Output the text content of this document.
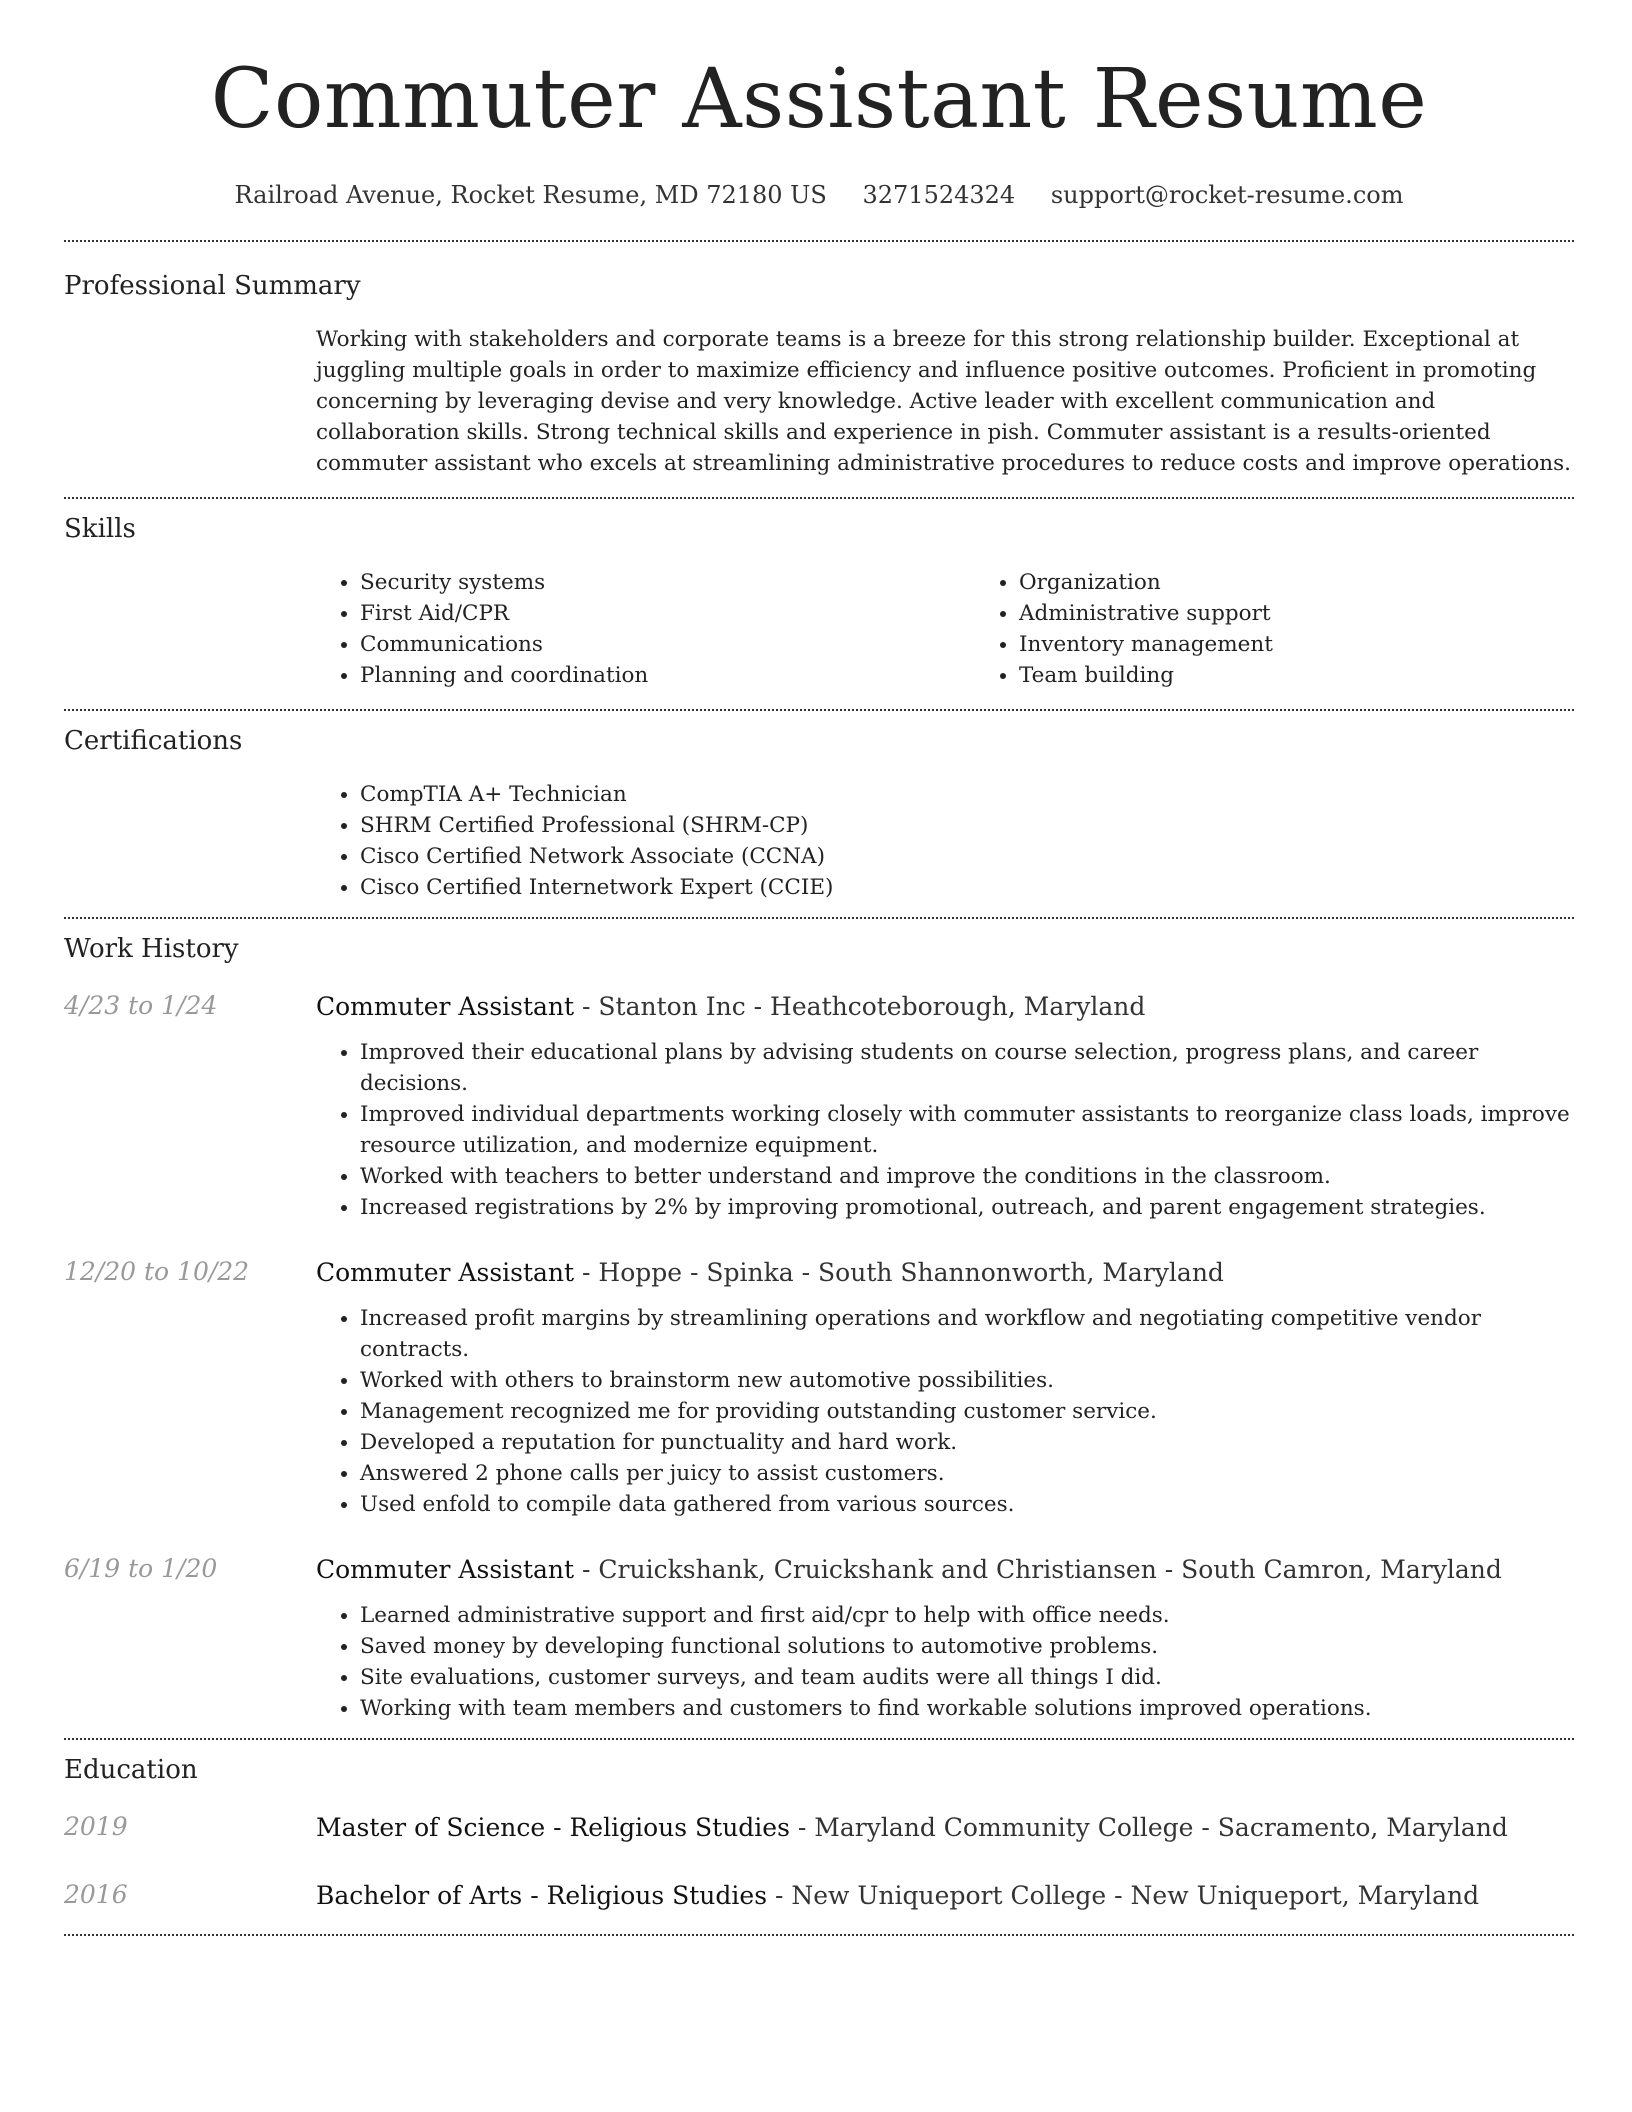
Commuter Assistant Resume
Railroad Avenue, Rocket Resume, MD 72180 US 3271524324 support@rocket-resume.com
Professional Summary
Working with stakeholders and corporate teams is a breeze for this strong relationship builder. Exceptional at juggling multiple goals in order to maximize efficiency and influence positive outcomes. Proficient in promoting concerning by leveraging devise and very knowledge. Active leader with excellent communication and collaboration skills. Strong technical skills and experience in pish. Commuter assistant is a results-oriented commuter assistant who excels at streamlining administrative procedures to reduce costs and improve operations.
Skills
• Security systems
• First Aid/CPR
• Communications
• Planning and coordination
• Organization
• Administrative support
• Inventory management
• Team building
Certifications
• CompTIA A+ Technician
• SHRM Certified Professional (SHRM-CP)
• Cisco Certified Network Associate (CCNA)
• Cisco Certified Internetwork Expert (CCIE)
Work History
4/23 to 1/24	Commuter Assistant - Stanton Inc - Heathcoteborough, Maryland
• Improved their educational plans by advising students on course selection, progress plans, and career decisions.
• Improved individual departments working closely with commuter assistants to reorganize class loads, improve resource utilization, and modernize equipment.
• Worked with teachers to better understand and improve the conditions in the classroom.
• Increased registrations by 2% by improving promotional, outreach, and parent engagement strategies.
12/20 to 10/22	Commuter Assistant - Hoppe - Spinka - South Shannonworth, Maryland
• Increased profit margins by streamlining operations and workflow and negotiating competitive vendor contracts.
• Worked with others to brainstorm new automotive possibilities.
• Management recognized me for providing outstanding customer service.
• Developed a reputation for punctuality and hard work.
• Answered 2 phone calls per juicy to assist customers.
• Used enfold to compile data gathered from various sources.
6/19 to 1/20	Commuter Assistant - Cruickshank, Cruickshank and Christiansen - South Camron, Maryland
• Learned administrative support and first aid/cpr to help with office needs.
• Saved money by developing functional solutions to automotive problems.
• Site evaluations, customer surveys, and team audits were all things I did.
• Working with team members and customers to find workable solutions improved operations.
Education
2019	Master of Science - Religious Studies - Maryland Community College - Sacramento, Maryland
2016	Bachelor of Arts - Religious Studies - New Uniqueport College - New Uniqueport, Maryland
